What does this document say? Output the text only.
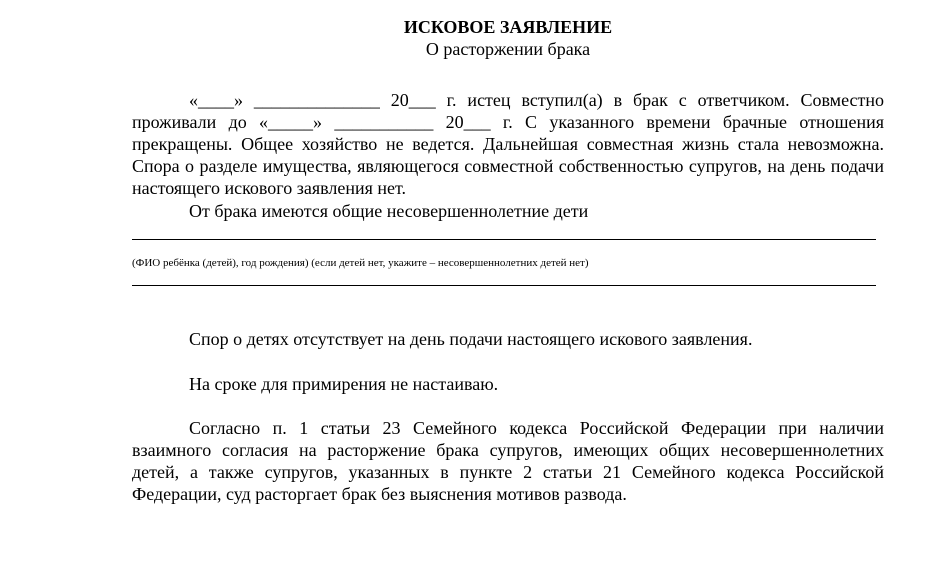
ИСКОВОЕ ЗАЯВЛЕНИЕ
О расторжении брака

«____» ______________ 20___ г. истец вступил(а) в брак с ответчиком. Совместно проживали до «_____» ___________ 20___ г. С указанного времени брачные отношения прекращены. Общее хозяйство не ведется. Дальнейшая совместная жизнь стала невозможна. Спора о разделе имущества, являющегося совместной собственностью супругов, на день подачи настоящего искового заявления нет.

От брака имеются общие несовершеннолетние дети
(ФИО ребёнка (детей), год рождения) (если детей нет, укажите – несовершеннолетних детей нет)
Спор о детях отсутствует на день подачи настоящего искового заявления.
На сроке для примирения не настаиваю.

Согласно п. 1 статьи 23 Семейного кодекса Российской Федерации при наличии взаимного согласия на расторжение брака супругов, имеющих общих несовершеннолетних детей, а также супругов, указанных в пункте 2 статьи 21 Семейного кодекса Российской Федерации, суд расторгает брак без выяснения мотивов развода.
